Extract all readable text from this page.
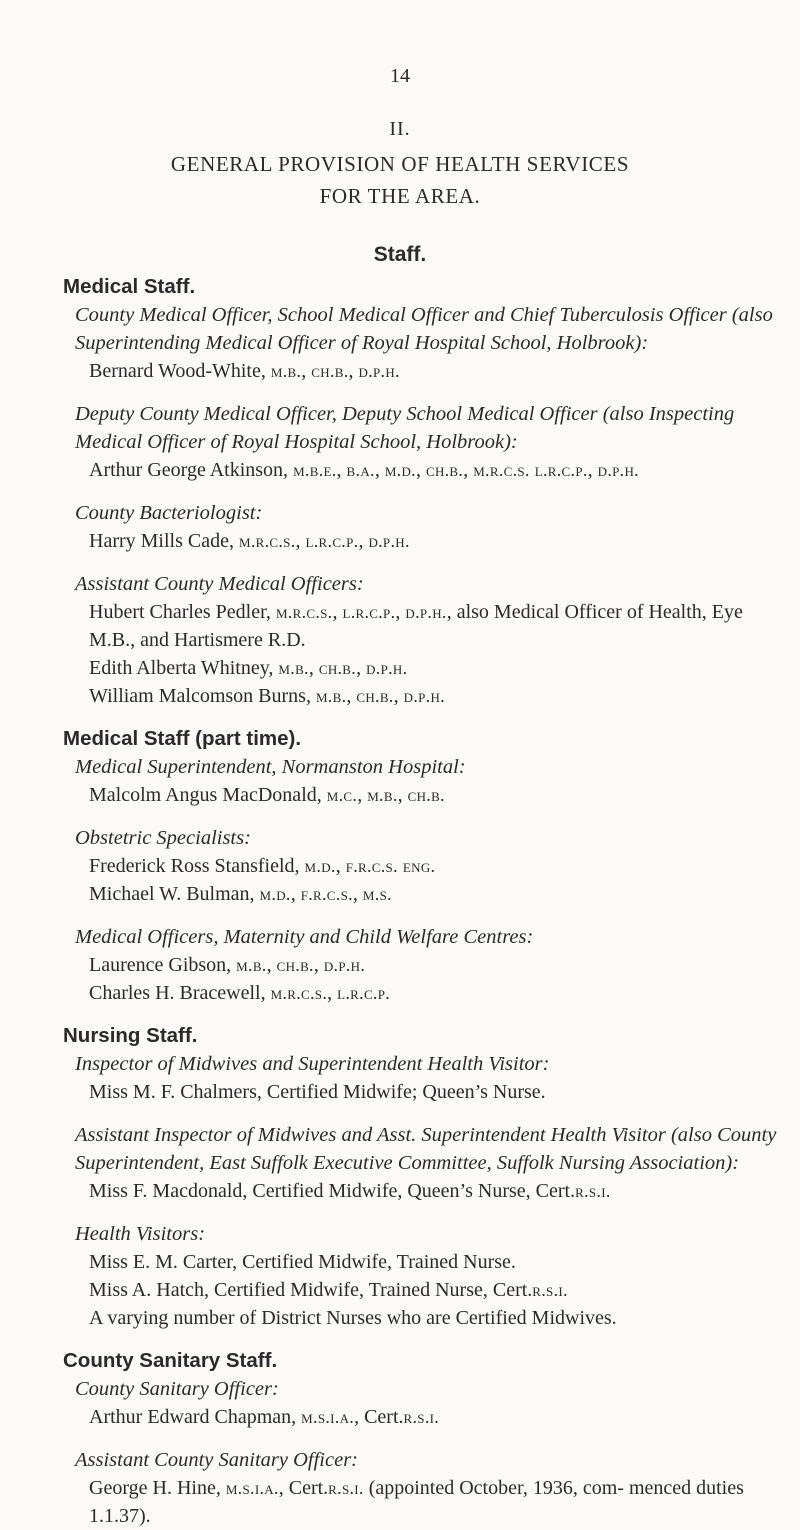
14
II.
GENERAL PROVISION OF HEALTH SERVICES
FOR THE AREA.
Staff.
Medical Staff.
County Medical Officer, School Medical Officer and Chief Tuberculosis Officer (also Superintending Medical Officer of Royal Hospital School, Holbrook):
Bernard Wood-White, m.b., ch.b., d.p.h.
Deputy County Medical Officer, Deputy School Medical Officer (also Inspecting Medical Officer of Royal Hospital School, Holbrook):
Arthur George Atkinson, m.b.e., b.a., m.d., ch.b., m.r.c.s. l.r.c.p., d.p.h.
County Bacteriologist:
Harry Mills Cade, m.r.c.s., l.r.c.p., d.p.h.
Assistant County Medical Officers:
Hubert Charles Pedler, m.r.c.s., l.r.c.p., d.p.h., also Medical Officer of Health, Eye M.B., and Hartismere R.D.
Edith Alberta Whitney, m.b., ch.b., d.p.h.
William Malcomson Burns, m.b., ch.b., d.p.h.
Medical Staff (part time).
Medical Superintendent, Normanston Hospital:
Malcolm Angus MacDonald, m.c., m.b., ch.b.
Obstetric Specialists:
Frederick Ross Stansfield, m.d., f.r.c.s. eng.
Michael W. Bulman, m.d., f.r.c.s., m.s.
Medical Officers, Maternity and Child Welfare Centres:
Laurence Gibson, m.b., ch.b., d.p.h.
Charles H. Bracewell, m.r.c.s., l.r.c.p.
Nursing Staff.
Inspector of Midwives and Superintendent Health Visitor:
Miss M. F. Chalmers, Certified Midwife; Queen’s Nurse.
Assistant Inspector of Midwives and Asst. Superintendent Health Visitor (also County Superintendent, East Suffolk Executive Committee, Suffolk Nursing Association):
Miss F. Macdonald, Certified Midwife, Queen’s Nurse, Cert.r.s.i.
Health Visitors:
Miss E. M. Carter, Certified Midwife, Trained Nurse.
Miss A. Hatch, Certified Midwife, Trained Nurse, Cert.r.s.i.
A varying number of District Nurses who are Certified Midwives.
County Sanitary Staff.
County Sanitary Officer:
Arthur Edward Chapman, m.s.i.a., Cert.r.s.i.
Assistant County Sanitary Officer:
George H. Hine, m.s.i.a., Cert.r.s.i. (appointed October, 1936, com- menced duties 1.1.37).
